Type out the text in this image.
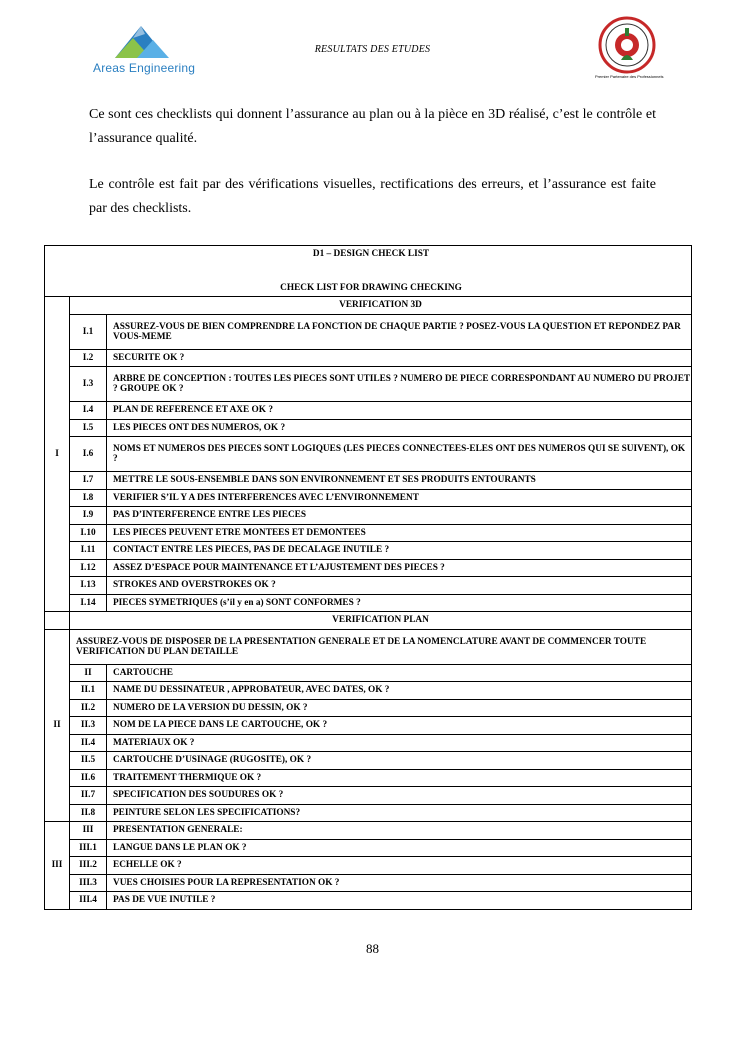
Areas Engineering
RESULTATS DES ETUDES
Premier Partenaire des Professionnels
Ce sont ces checklists qui donnent l’assurance au plan ou à la pièce en 3D réalisé, c’est le contrôle et l’assurance qualité.
Le contrôle est fait par des vérifications visuelles, rectifications des erreurs, et l’assurance est faite par des checklists.
D1 – DESIGN CHECK LIST
CHECK LIST FOR DRAWING CHECKING		

I	VERIFICATION 3D	
	I.1	ASSUREZ-VOUS DE BIEN COMPRENDRE LA FONCTION DE CHAQUE PARTIE ? POSEZ-VOUS LA QUESTION ET REPONDEZ PAR VOUS-MEME
	I.2	SECURITE OK ?
	I.3	ARBRE DE CONCEPTION : TOUTES LES PIECES SONT UTILES ? NUMERO DE PIECE CORRESPONDANT AU NUMERO DU PROJET ? GROUPE OK ?
	I.4	PLAN DE REFERENCE ET AXE OK ?
	I.5	LES PIECES ONT DES NUMEROS, OK ?
	I.6	NOMS ET NUMEROS DES PIECES SONT LOGIQUES (LES PIECES CONNECTEES-ELES ONT DES NUMEROS QUI SE SUIVENT), OK ?
	I.7	METTRE LE SOUS-ENSEMBLE DANS SON ENVIRONNEMENT ET SES PRODUITS ENTOURANTS
	I.8	VERIFIER S’IL Y A DES INTERFERENCES AVEC L’ENVIRONNEMENT
	I.9	PAS D’INTERFERENCE ENTRE LES PIECES
	I.10	LES PIECES PEUVENT ETRE MONTEES ET DEMONTEES
	I.11	CONTACT ENTRE LES PIECES, PAS DE DECALAGE INUTILE ?
	I.12	ASSEZ D’ESPACE POUR MAINTENANCE ET L’AJUSTEMENT DES PIECES ?
	I.13	STROKES AND OVERSTROKES OK ?
	I.14	PIECES SYMETRIQUES (s’il y en a) SONT CONFORMES ?
	VERIFICATION PLAN	
II	ASSUREZ-VOUS DE DISPOSER DE LA PRESENTATION GENERALE ET DE LA NOMENCLATURE AVANT DE COMMENCER TOUTE VERIFICATION DU PLAN DETAILLE	
	II	CARTOUCHE
	II.1	NAME DU DESSINATEUR , APPROBATEUR, AVEC DATES, OK ?
	II.2	NUMERO DE LA VERSION DU DESSIN, OK ?
	II.3	NOM DE LA PIECE DANS LE CARTOUCHE, OK ?
	II.4	MATERIAUX OK ?
	II.5	CARTOUCHE D’USINAGE (RUGOSITE), OK ?
	II.6	TRAITEMENT THERMIQUE OK ?
	II.7	SPECIFICATION DES SOUDURES OK ?
	II.8	PEINTURE SELON LES SPECIFICATIONS?
III	III	PRESENTATION GENERALE:
	III.1	LANGUE DANS LE PLAN OK ?
	III.2	ECHELLE OK ?
	III.3	VUES CHOISIES POUR LA REPRESENTATION OK ?
	III.4	PAS DE VUE INUTILE ?
88
